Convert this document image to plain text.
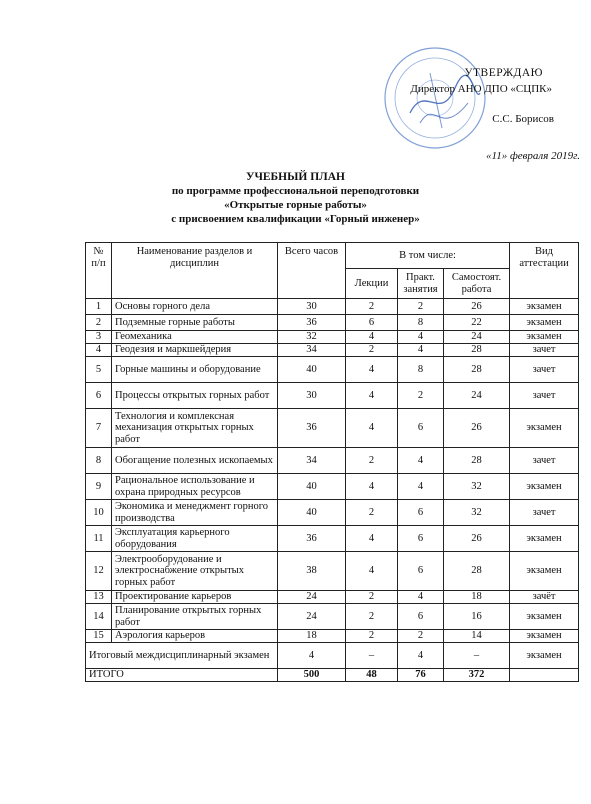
УТВЕРЖДАЮ
Директор АНО ДПО «СЦПК»
С.С. Борисов
«11» февраля 2019г.
УЧЕБНЫЙ ПЛАН
по программе профессиональной переподготовки
«Открытые горные работы»
с присвоением квалификации «Горный инженер»
№ п/п	Наименование разделов и дисциплин	Всего часов	В том числе:			Вид аттестации
			Лекции	Практ. занятия	Самостоят. работа	
1	Основы горного дела	30	2	2	26	экзамен
2	Подземные горные работы	36	6	8	22	экзамен
3	Геомеханика	32	4	4	24	экзамен
4	Геодезия и маркшейдерия	34	2	4	28	зачет
5	Горные машины и оборудование	40	4	8	28	зачет
6	Процессы открытых горных работ	30	4	2	24	зачет
7	Технология и комплексная механизация открытых горных работ	36	4	6	26	экзамен
8	Обогащение полезных ископаемых	34	2	4	28	зачет
9	Рациональное использование и охрана природных ресурсов	40	4	4	32	экзамен
10	Экономика и менеджмент горного производства	40	2	6	32	зачет
11	Эксплуатация карьерного оборудования	36	4	6	26	экзамен
12	Электрооборудование и электроснабжение открытых горных работ	38	4	6	28	экзамен
13	Проектирование карьеров	24	2	4	18	зачёт
14	Планирование открытых горных работ	24	2	6	16	экзамен
15	Аэрология карьеров	18	2	2	14	экзамен
Итоговый междисциплинарный экзамен		4	–	4	–	экзамен
ИТОГО		500	48	76	372	
